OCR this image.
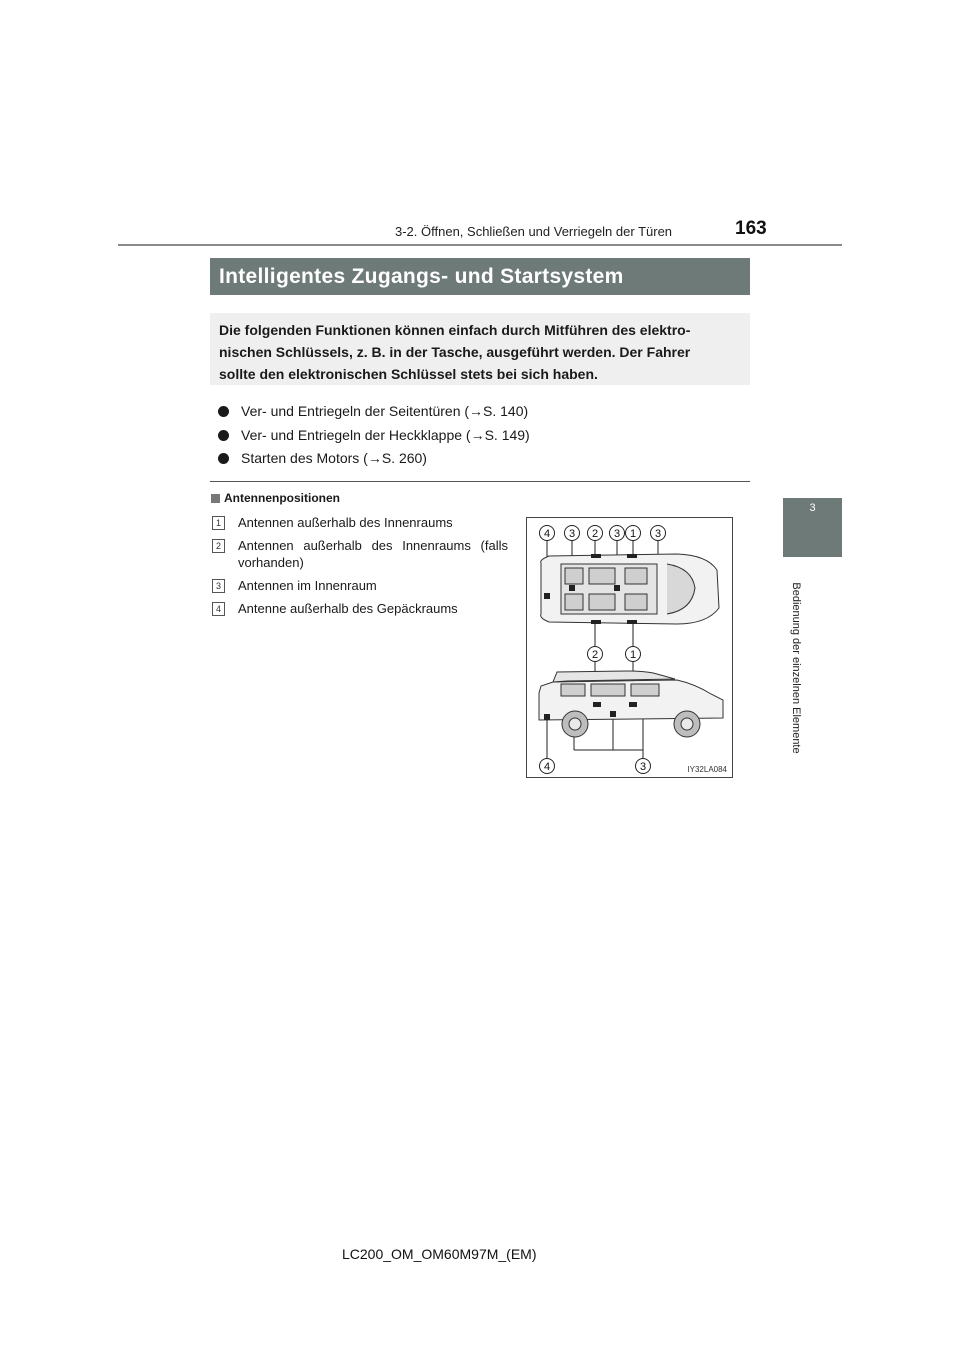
3-2. Öffnen, Schließen und Verriegeln der Türen	163
3
Bedienung der einzelnen Elemente
Intelligentes Zugangs- und Startsystem
Die folgenden Funktionen können einfach durch Mitführen des elektro-
nischen Schlüssels, z. B. in der Tasche, ausgeführt werden. Der Fahrer
sollte den elektronischen Schlüssel stets bei sich haben.
Ver- und Entriegeln der Seitentüren (→S. 140)
Ver- und Entriegeln der Heckklappe (→S. 149)
Starten des Motors (→S. 260)
Antennenpositionen
1	Antennen außerhalb des Innenraums
2	Antennen außerhalb des Innenraums (falls vorhanden)
3	Antennen im Innenraum
4	Antenne außerhalb des Gepäckraums
4 3 2 3 1 3
2	1
4	3	IY32LA084
LC200_OM_OM60M97M_(EM)
